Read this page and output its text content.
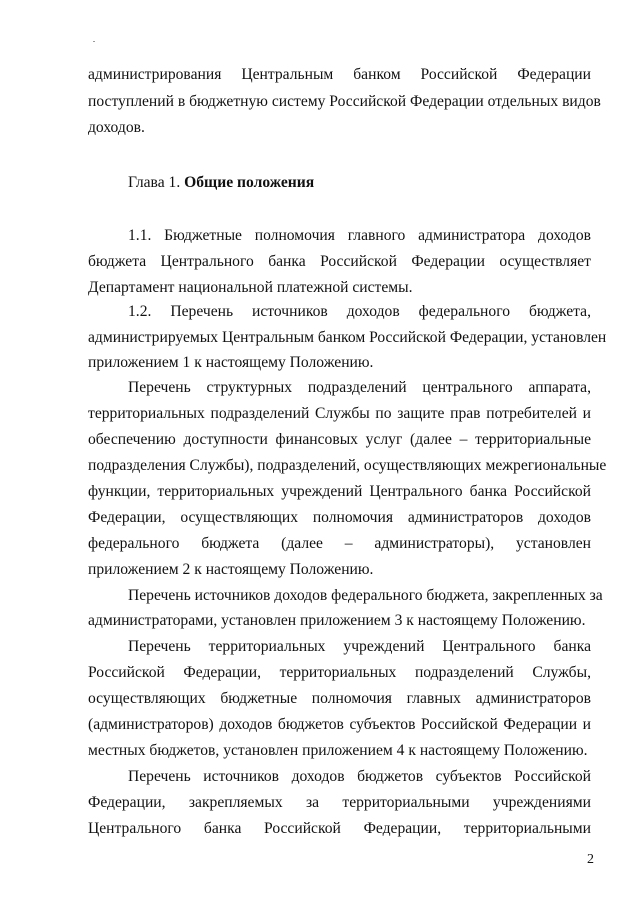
администрирования Центральным банком Российской Федерации
поступлений в бюджетную систему Российской Федерации отдельных видов
доходов.
Глава 1. Общие положения
1.1. Бюджетные полномочия главного администратора доходов
бюджета Центрального банка Российской Федерации осуществляет
Департамент национальной платежной системы.
1.2. Перечень источников доходов федерального бюджета,
администрируемых Центральным банком Российской Федерации, установлен
приложением 1 к настоящему Положению.
Перечень структурных подразделений центрального аппарата,
территориальных подразделений Службы по защите прав потребителей и
обеспечению доступности финансовых услуг (далее – территориальные
подразделения Службы), подразделений, осуществляющих межрегиональные
функции, территориальных учреждений Центрального банка Российской
Федерации, осуществляющих полномочия администраторов доходов
федерального бюджета (далее – администраторы), установлен
приложением 2 к настоящему Положению.
Перечень источников доходов федерального бюджета, закрепленных за
администраторами, установлен приложением 3 к настоящему Положению.
Перечень территориальных учреждений Центрального банка
Российской Федерации, территориальных подразделений Службы,
осуществляющих бюджетные полномочия главных администраторов
(администраторов) доходов бюджетов субъектов Российской Федерации и
местных бюджетов, установлен приложением 4 к настоящему Положению.
Перечень источников доходов бюджетов субъектов Российской
Федерации, закрепляемых за территориальными учреждениями
Центрального банка Российской Федерации, территориальными
2
